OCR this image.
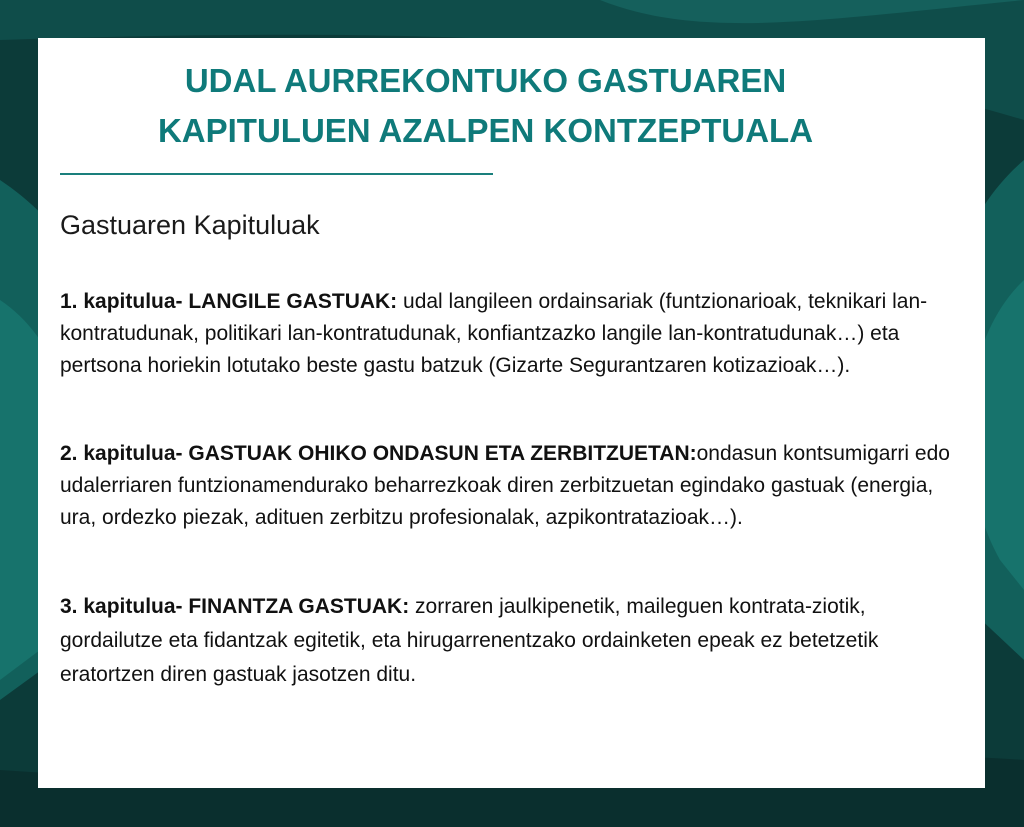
UDAL AURREKONTUKO GASTUAREN
KAPITULUEN AZALPEN KONTZEPTUALA
Gastuaren Kapituluak

1. kapitulua- LANGILE GASTUAK: udal langileen ordainsariak (funtzionarioak, teknikari lan-kontratudunak, politikari lan-kontratudunak, konfiantzazko langile lan-kontratudunak…) eta pertsona horiekin lotutako beste gastu batzuk (Gizarte Segurantzaren kotizazioak…).

2. kapitulua- GASTUAK OHIKO ONDASUN ETA ZERBITZUETAN:ondasun kontsumigarri edo udalerriaren funtzionamendurako beharrezkoak diren zerbitzuetan egindako gastuak (energia, ura, ordezko piezak, adituen zerbitzu profesionalak, azpikontratazioak…).

3. kapitulua- FINANTZA GASTUAK: zorraren jaulkipenetik, maileguen kontrata-ziotik, gordailutze eta fidantzak egitetik, eta hirugarrenentzako ordainketen epeak ez betetzetik eratortzen diren gastuak jasotzen ditu.
